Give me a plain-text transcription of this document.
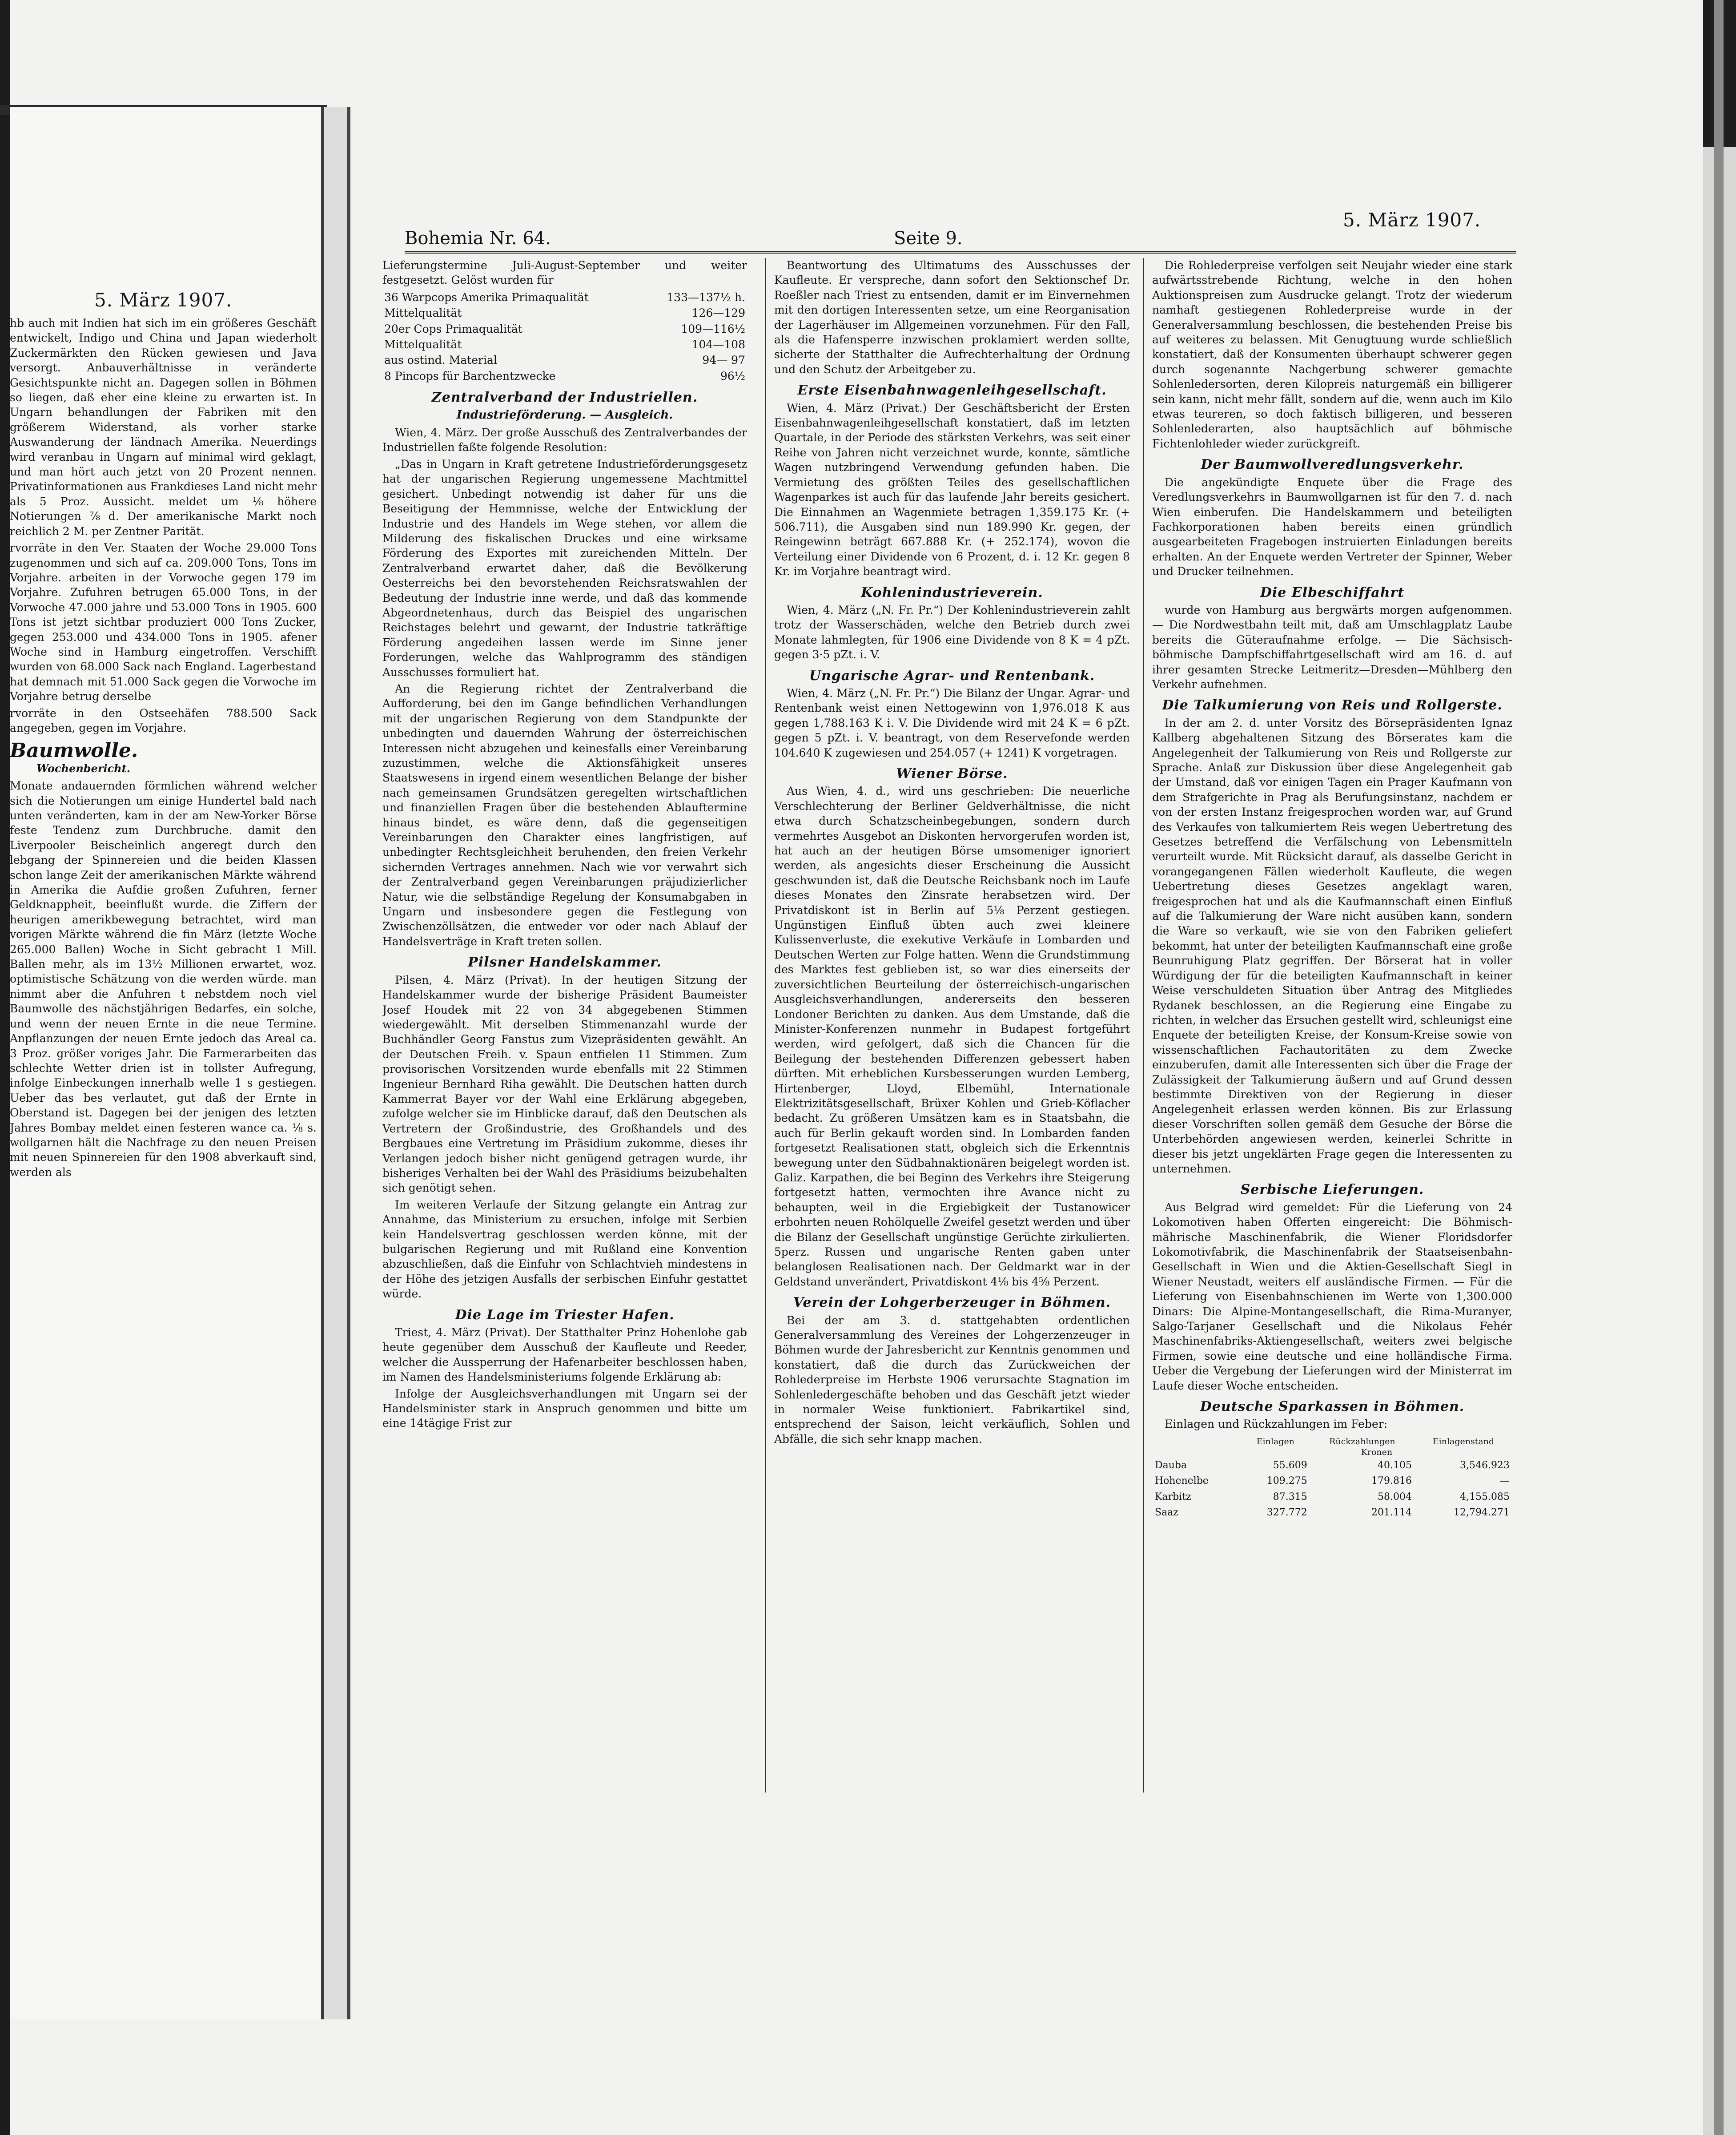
5. März 1907.

hb auch mit Indien hat sich im ein größeres Geschäft entwickelt, Indigo und China und Japan wiederholt Zuckermärkten den Rücken gewiesen und Java versorgt. Anbauverhältnisse in veränderte Gesichtspunkte nicht an. Dagegen sollen in Böhmen so liegen, daß eher eine kleine zu erwarten ist. In Ungarn behandlungen der Fabriken mit den größerem Widerstand, als vorher starke Auswanderung der ländnach Amerika. Neuerdings wird veranbau in Ungarn auf minimal wird geklagt, und man hört auch jetzt von 20 Prozent nennen. Privatinformationen aus Frankdieses Land nicht mehr als 5 Proz. Aussicht. meldet um ⅛ höhere Notierungen ⅞ d. Der amerikanische Markt noch reichlich 2 M. per Zentner Parität.

rvorräte in den Ver. Staaten der Woche 29.000 Tons zugenommen und sich auf ca. 209.000 Tons, Tons im Vorjahre. arbeiten in der Vorwoche gegen 179 im Vorjahre. Zufuhren betrugen 65.000 Tons, in der Vorwoche 47.000 jahre und 53.000 Tons in 1905. 600 Tons ist jetzt sichtbar produziert 000 Tons Zucker, gegen 253.000 und 434.000 Tons in 1905. afener Woche sind in Hamburg eingetroffen. Verschifft wurden von 68.000 Sack nach England. Lagerbestand hat demnach mit 51.000 Sack gegen die Vorwoche im Vorjahre betrug derselbe

rvorräte in den Ostseehäfen 788.500 Sack angegeben, gegen im Vorjahre.

Baumwolle.
Wochenbericht.

Monate andauernden förmlichen während welcher sich die Notierungen um einige Hundertel bald nach unten veränderten, kam in der am New-Yorker Börse feste Tendenz zum Durchbruche. damit den Liverpooler Beischeinlich angeregt durch den lebgang der Spinnereien und die beiden Klassen schon lange Zeit der amerikanischen Märkte während in Amerika die Aufdie großen Zufuhren, ferner Geldknappheit, beeinflußt wurde. die Ziffern der heurigen amerikbewegung betrachtet, wird man vorigen Märkte während die fin März (letzte Woche 265.000 Ballen) Woche in Sicht gebracht 1 Mill. Ballen mehr, als im 13½ Millionen erwartet, woz. optimistische Schätzung von die werden würde. man nimmt aber die Anfuhren t nebstdem noch viel Baumwolle des nächstjährigen Bedarfes, ein solche, und wenn der neuen Ernte in die neue Termine. Anpflanzungen der neuen Ernte jedoch das Areal ca. 3 Proz. größer voriges Jahr. Die Farmerarbeiten das schlechte Wetter drien ist in tollster Aufregung, infolge Einbeckungen innerhalb welle 1 s gestiegen. Ueber das bes verlautet, gut daß der Ernte in Oberstand ist. Dagegen bei der jenigen des letzten Jahres Bombay meldet einen festeren wance ca. ⅛ s. wollgarnen hält die Nachfrage zu den neuen Preisen mit neuen Spinnereien für den 1908 abverkauft sind, werden als

5. März 1907.
Bohemia Nr. 64.	Seite 9.

Lieferungstermine Juli-August-September und weiter festgesetzt. Gelöst wurden für

36 Warpcops Amerika Primaqualität	133—137½ h.
Mittelqualität	126—129
20er Cops Primaqualität	109—116½
Mittelqualität	104—108
aus ostind. Material	94— 97
8 Pincops für Barchentzwecke	96½
Zentralverband der Industriellen.
Industrieförderung. — Ausgleich.

Wien, 4. März. Der große Ausschuß des Zentralverbandes der Industriellen faßte folgende Resolution:

„Das in Ungarn in Kraft getretene Industrieförderungsgesetz hat der ungarischen Regierung ungemessene Machtmittel gesichert. Unbedingt notwendig ist daher für uns die Beseitigung der Hemmnisse, welche der Entwicklung der Industrie und des Handels im Wege stehen, vor allem die Milderung des fiskalischen Druckes und eine wirksame Förderung des Exportes mit zureichenden Mitteln. Der Zentralverband erwartet daher, daß die Bevölkerung Oesterreichs bei den bevorstehenden Reichsratswahlen der Bedeutung der Industrie inne werde, und daß das kommende Abgeordnetenhaus, durch das Beispiel des ungarischen Reichstages belehrt und gewarnt, der Industrie tatkräftige Förderung angedeihen lassen werde im Sinne jener Forderungen, welche das Wahlprogramm des ständigen Ausschusses formuliert hat.

An die Regierung richtet der Zentralverband die Aufforderung, bei den im Gange befindlichen Verhandlungen mit der ungarischen Regierung von dem Standpunkte der unbedingten und dauernden Wahrung der österreichischen Interessen nicht abzugehen und keinesfalls einer Vereinbarung zuzustimmen, welche die Aktionsfähigkeit unseres Staatswesens in irgend einem wesentlichen Belange der bisher nach gemeinsamen Grundsätzen geregelten wirtschaftlichen und finanziellen Fragen über die bestehenden Ablauftermine hinaus bindet, es wäre denn, daß die gegenseitigen Vereinbarungen den Charakter eines langfristigen, auf unbedingter Rechtsgleichheit beruhenden, den freien Verkehr sichernden Vertrages annehmen. Nach wie vor verwahrt sich der Zentralverband gegen Vereinbarungen präjudizierlicher Natur, wie die selbständige Regelung der Konsumabgaben in Ungarn und insbesondere gegen die Festlegung von Zwischenzöllsätzen, die entweder vor oder nach Ablauf der Handelsverträge in Kraft treten sollen.

Pilsner Handelskammer.

Pilsen, 4. März (Privat). In der heutigen Sitzung der Handelskammer wurde der bisherige Präsident Baumeister Josef Houdek mit 22 von 34 abgegebenen Stimmen wiedergewählt. Mit derselben Stimmenanzahl wurde der Buchhändler Georg Fanstus zum Vizepräsidenten gewählt. An der Deutschen Freih. v. Spaun entfielen 11 Stimmen. Zum provisorischen Vorsitzenden wurde ebenfalls mit 22 Stimmen Ingenieur Bernhard Riha gewählt. Die Deutschen hatten durch Kammerrat Bayer vor der Wahl eine Erklärung abgegeben, zufolge welcher sie im Hinblicke darauf, daß den Deutschen als Vertretern der Großindustrie, des Großhandels und des Bergbaues eine Vertretung im Präsidium zukomme, dieses ihr Verlangen jedoch bisher nicht genügend getragen wurde, ihr bisheriges Verhalten bei der Wahl des Präsidiums beizubehalten sich genötigt sehen.

Im weiteren Verlaufe der Sitzung gelangte ein Antrag zur Annahme, das Ministerium zu ersuchen, infolge mit Serbien kein Handelsvertrag geschlossen werden könne, mit der bulgarischen Regierung und mit Rußland eine Konvention abzuschließen, daß die Einfuhr von Schlachtvieh mindestens in der Höhe des jetzigen Ausfalls der serbischen Einfuhr gestattet würde.

Die Lage im Triester Hafen.

Triest, 4. März (Privat). Der Statthalter Prinz Hohenlohe gab heute gegenüber dem Ausschuß der Kaufleute und Reeder, welcher die Aussperrung der Hafenarbeiter beschlossen haben, im Namen des Handelsministeriums folgende Erklärung ab:

Infolge der Ausgleichsverhandlungen mit Ungarn sei der Handelsminister stark in Anspruch genommen und bitte um eine 14tägige Frist zur

Beantwortung des Ultimatums des Ausschusses der Kaufleute. Er verspreche, dann sofort den Sektionschef Dr. Roeßler nach Triest zu entsenden, damit er im Einvernehmen mit den dortigen Interessenten setze, um eine Reorganisation der Lagerhäuser im Allgemeinen vorzunehmen. Für den Fall, als die Hafensperre inzwischen proklamiert werden sollte, sicherte der Statthalter die Aufrechterhaltung der Ordnung und den Schutz der Arbeitgeber zu.

Erste Eisenbahnwagenleihgesellschaft.

Wien, 4. März (Privat.) Der Geschäftsbericht der Ersten Eisenbahnwagenleihgesellschaft konstatiert, daß im letzten Quartale, in der Periode des stärksten Verkehrs, was seit einer Reihe von Jahren nicht verzeichnet wurde, konnte, sämtliche Wagen nutzbringend Verwendung gefunden haben. Die Vermietung des größten Teiles des gesellschaftlichen Wagenparkes ist auch für das laufende Jahr bereits gesichert. Die Einnahmen an Wagenmiete betragen 1,359.175 Kr. (+ 506.711), die Ausgaben sind nun 189.990 Kr. gegen, der Reingewinn beträgt 667.888 Kr. (+ 252.174), wovon die Verteilung einer Dividende von 6 Prozent, d. i. 12 Kr. gegen 8 Kr. im Vorjahre beantragt wird.

Kohlenindustrieverein.

Wien, 4. März („N. Fr. Pr.“) Der Kohlenindustrieverein zahlt trotz der Wasserschäden, welche den Betrieb durch zwei Monate lahmlegten, für 1906 eine Dividende von 8 K = 4 pZt. gegen 3·5 pZt. i. V.

Ungarische Agrar- und Rentenbank.

Wien, 4. März („N. Fr. Pr.“) Die Bilanz der Ungar. Agrar- und Rentenbank weist einen Nettogewinn von 1,976.018 K aus gegen 1,788.163 K i. V. Die Dividende wird mit 24 K = 6 pZt. gegen 5 pZt. i. V. beantragt, von dem Reservefonde werden 104.640 K zugewiesen und 254.057 (+ 1241) K vorgetragen.

Wiener Börse.

Aus Wien, 4. d., wird uns geschrieben: Die neuerliche Verschlechterung der Berliner Geldverhältnisse, die nicht etwa durch Schatzscheinbegebungen, sondern durch vermehrtes Ausgebot an Diskonten hervorgerufen worden ist, hat auch an der heutigen Börse umsomeniger ignoriert werden, als angesichts dieser Erscheinung die Aussicht geschwunden ist, daß die Deutsche Reichsbank noch im Laufe dieses Monates den Zinsrate herabsetzen wird. Der Privatdiskont ist in Berlin auf 5⅛ Perzent gestiegen. Ungünstigen Einfluß übten auch zwei kleinere Kulissenverluste, die exekutive Verkäufe in Lombarden und Deutschen Werten zur Folge hatten. Wenn die Grundstimmung des Marktes fest geblieben ist, so war dies einerseits der zuversichtlichen Beurteilung der österreichisch-ungarischen Ausgleichsverhandlungen, andererseits den besseren Londoner Berichten zu danken. Aus dem Umstande, daß die Minister-Konferenzen nunmehr in Budapest fortgeführt werden, wird gefolgert, daß sich die Chancen für die Beilegung der bestehenden Differenzen gebessert haben dürften. Mit erheblichen Kursbesserungen wurden Lemberg, Hirtenberger, Lloyd, Elbemühl, Internationale Elektrizitätsgesellschaft, Brüxer Kohlen und Grieb-Köflacher bedacht. Zu größeren Umsätzen kam es in Staatsbahn, die auch für Berlin gekauft worden sind. In Lombarden fanden fortgesetzt Realisationen statt, obgleich sich die Erkenntnis bewegung unter den Südbahnaktionären beigelegt worden ist. Galiz. Karpathen, die bei Beginn des Verkehrs ihre Steigerung fortgesetzt hatten, vermochten ihre Avance nicht zu behaupten, weil in die Ergiebigkeit der Tustanowicer erbohrten neuen Rohölquelle Zweifel gesetzt werden und über die Bilanz der Gesellschaft ungünstige Gerüchte zirkulierten. 5perz. Russen und ungarische Renten gaben unter belanglosen Realisationen nach. Der Geldmarkt war in der Geldstand unverändert, Privatdiskont 4⅛ bis 4⅝ Perzent.

Verein der Lohgerberzeuger in Böhmen.

Bei der am 3. d. stattgehabten ordentlichen Generalversammlung des Vereines der Lohgerzenzeuger in Böhmen wurde der Jahresbericht zur Kenntnis genommen und konstatiert, daß die durch das Zurückweichen der Rohlederpreise im Herbste 1906 verursachte Stagnation im Sohlenledergeschäfte behoben und das Geschäft jetzt wieder in normaler Weise funktioniert. Fabrikartikel sind, entsprechend der Saison, leicht verkäuflich, Sohlen und Abfälle, die sich sehr knapp machen.

Die Rohlederpreise verfolgen seit Neujahr wieder eine stark aufwärtsstrebende Richtung, welche in den hohen Auktionspreisen zum Ausdrucke gelangt. Trotz der wiederum namhaft gestiegenen Rohlederpreise wurde in der Generalversammlung beschlossen, die bestehenden Preise bis auf weiteres zu belassen. Mit Genugtuung wurde schließlich konstatiert, daß der Konsumenten überhaupt schwerer gegen durch sogenannte Nachgerbung schwerer gemachte Sohlenledersorten, deren Kilopreis naturgemäß ein billigerer sein kann, nicht mehr fällt, sondern auf die, wenn auch im Kilo etwas teureren, so doch faktisch billigeren, und besseren Sohlenlederarten, also hauptsächlich auf böhmische Fichtenlohleder wieder zurückgreift.

Der Baumwollveredlungsverkehr.

Die angekündigte Enquete über die Frage des Veredlungsverkehrs in Baumwollgarnen ist für den 7. d. nach Wien einberufen. Die Handelskammern und beteiligten Fachkorporationen haben bereits einen gründlich ausgearbeiteten Fragebogen instruierten Einladungen bereits erhalten. An der Enquete werden Vertreter der Spinner, Weber und Drucker teilnehmen.

Die Elbeschiffahrt

wurde von Hamburg aus bergwärts morgen aufgenommen. — Die Nordwestbahn teilt mit, daß am Umschlagplatz Laube bereits die Güteraufnahme erfolge. — Die Sächsisch-böhmische Dampfschiffahrtgesellschaft wird am 16. d. auf ihrer gesamten Strecke Leitmeritz—Dresden—Mühlberg den Verkehr aufnehmen.

Die Talkumierung von Reis und Rollgerste.

In der am 2. d. unter Vorsitz des Börsepräsidenten Ignaz Kallberg abgehaltenen Sitzung des Börserates kam die Angelegenheit der Talkumierung von Reis und Rollgerste zur Sprache. Anlaß zur Diskussion über diese Angelegenheit gab der Umstand, daß vor einigen Tagen ein Prager Kaufmann von dem Strafgerichte in Prag als Berufungsinstanz, nachdem er von der ersten Instanz freigesprochen worden war, auf Grund des Verkaufes von talkumiertem Reis wegen Uebertretung des Gesetzes betreffend die Verfälschung von Lebensmitteln verurteilt wurde. Mit Rücksicht darauf, als dasselbe Gericht in vorangegangenen Fällen wiederholt Kaufleute, die wegen Uebertretung dieses Gesetzes angeklagt waren, freigesprochen hat und als die Kaufmannschaft einen Einfluß auf die Talkumierung der Ware nicht ausüben kann, sondern die Ware so verkauft, wie sie von den Fabriken geliefert bekommt, hat unter der beteiligten Kaufmannschaft eine große Beunruhigung Platz gegriffen. Der Börserat hat in voller Würdigung der für die beteiligten Kaufmannschaft in keiner Weise verschuldeten Situation über Antrag des Mitgliedes Rydanek beschlossen, an die Regierung eine Eingabe zu richten, in welcher das Ersuchen gestellt wird, schleunigst eine Enquete der beteiligten Kreise, der Konsum-Kreise sowie von wissenschaftlichen Fachautoritäten zu dem Zwecke einzuberufen, damit alle Interessenten sich über die Frage der Zulässigkeit der Talkumierung äußern und auf Grund dessen bestimmte Direktiven von der Regierung in dieser Angelegenheit erlassen werden können. Bis zur Erlassung dieser Vorschriften sollen gemäß dem Gesuche der Börse die Unterbehörden angewiesen werden, keinerlei Schritte in dieser bis jetzt ungeklärten Frage gegen die Interessenten zu unternehmen.

Serbische Lieferungen.

Aus Belgrad wird gemeldet: Für die Lieferung von 24 Lokomotiven haben Offerten eingereicht: Die Böhmisch-mährische Maschinenfabrik, die Wiener Floridsdorfer Lokomotivfabrik, die Maschinenfabrik der Staatseisenbahn-Gesellschaft in Wien und die Aktien-Gesellschaft Siegl in Wiener Neustadt, weiters elf ausländische Firmen. — Für die Lieferung von Eisenbahnschienen im Werte von 1,300.000 Dinars: Die Alpine-Montangesellschaft, die Rima-Muranyer, Salgo-Tarjaner Gesellschaft und die Nikolaus Fehér Maschinenfabriks-Aktiengesellschaft, weiters zwei belgische Firmen, sowie eine deutsche und eine holländische Firma. Ueber die Vergebung der Lieferungen wird der Ministerrat im Laufe dieser Woche entscheiden.

Deutsche Sparkassen in Böhmen.

Einlagen und Rückzahlungen im Feber:

	Einlagen	Rückzahlungen	Einlagenstand
	Kronen		
Dauba	55.609	40.105	3,546.923
Hohenelbe	109.275	179.816	—
Karbitz	87.315	58.004	4,155.085
Saaz	327.772	201.114	12,794.271
